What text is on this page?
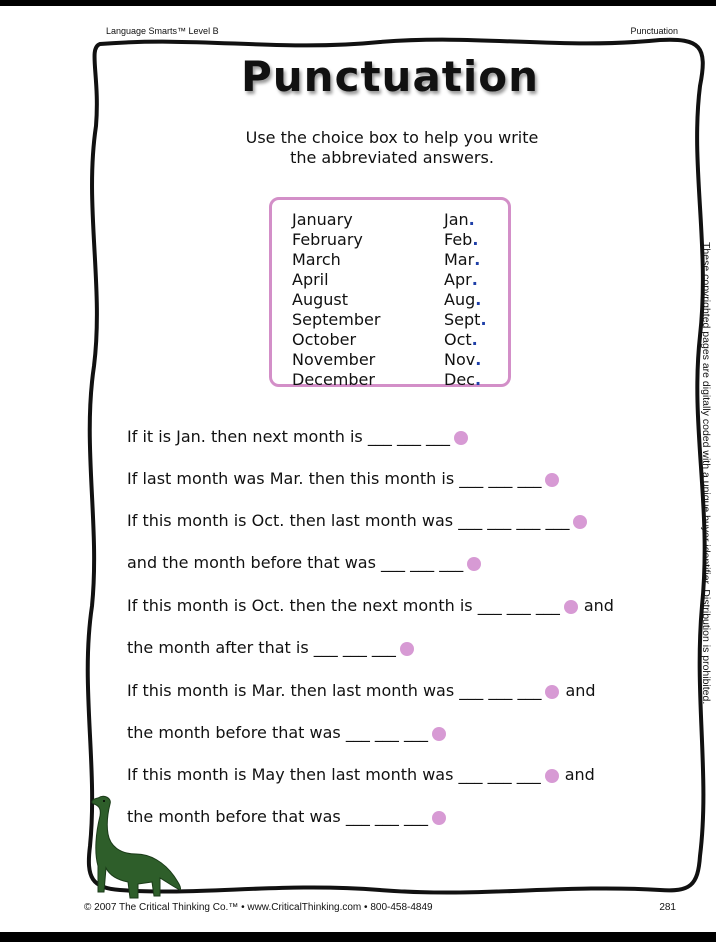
Language Smarts™ Level B	Punctuation
Punctuation
Use the choice box to help you write
the abbreviated answers.
January	Jan.
February	Feb.
March	Mar.
April	Apr.
August	Aug.
September	Sept.
October	Oct.
November	Nov.
December	Dec.
If it is Jan. then next month is ___ ___ ___
If last month was Mar. then this month is ___ ___ ___
If this month is Oct. then last month was ___ ___ ___ ___
and the month before that was ___ ___ ___
If this month is Oct. then the next month is ___ ___ ___ and
the month after that is ___ ___ ___
If this month is Mar. then last month was ___ ___ ___ and
the month before that was ___ ___ ___
If this month is May then last month was ___ ___ ___ and
the month before that was ___ ___ ___
These copyrighted pages are digitally coded with a unique buyer identifier. Distribution is prohibited.
© 2007 The Critical Thinking Co.™ • www.CriticalThinking.com • 800-458-4849	281
